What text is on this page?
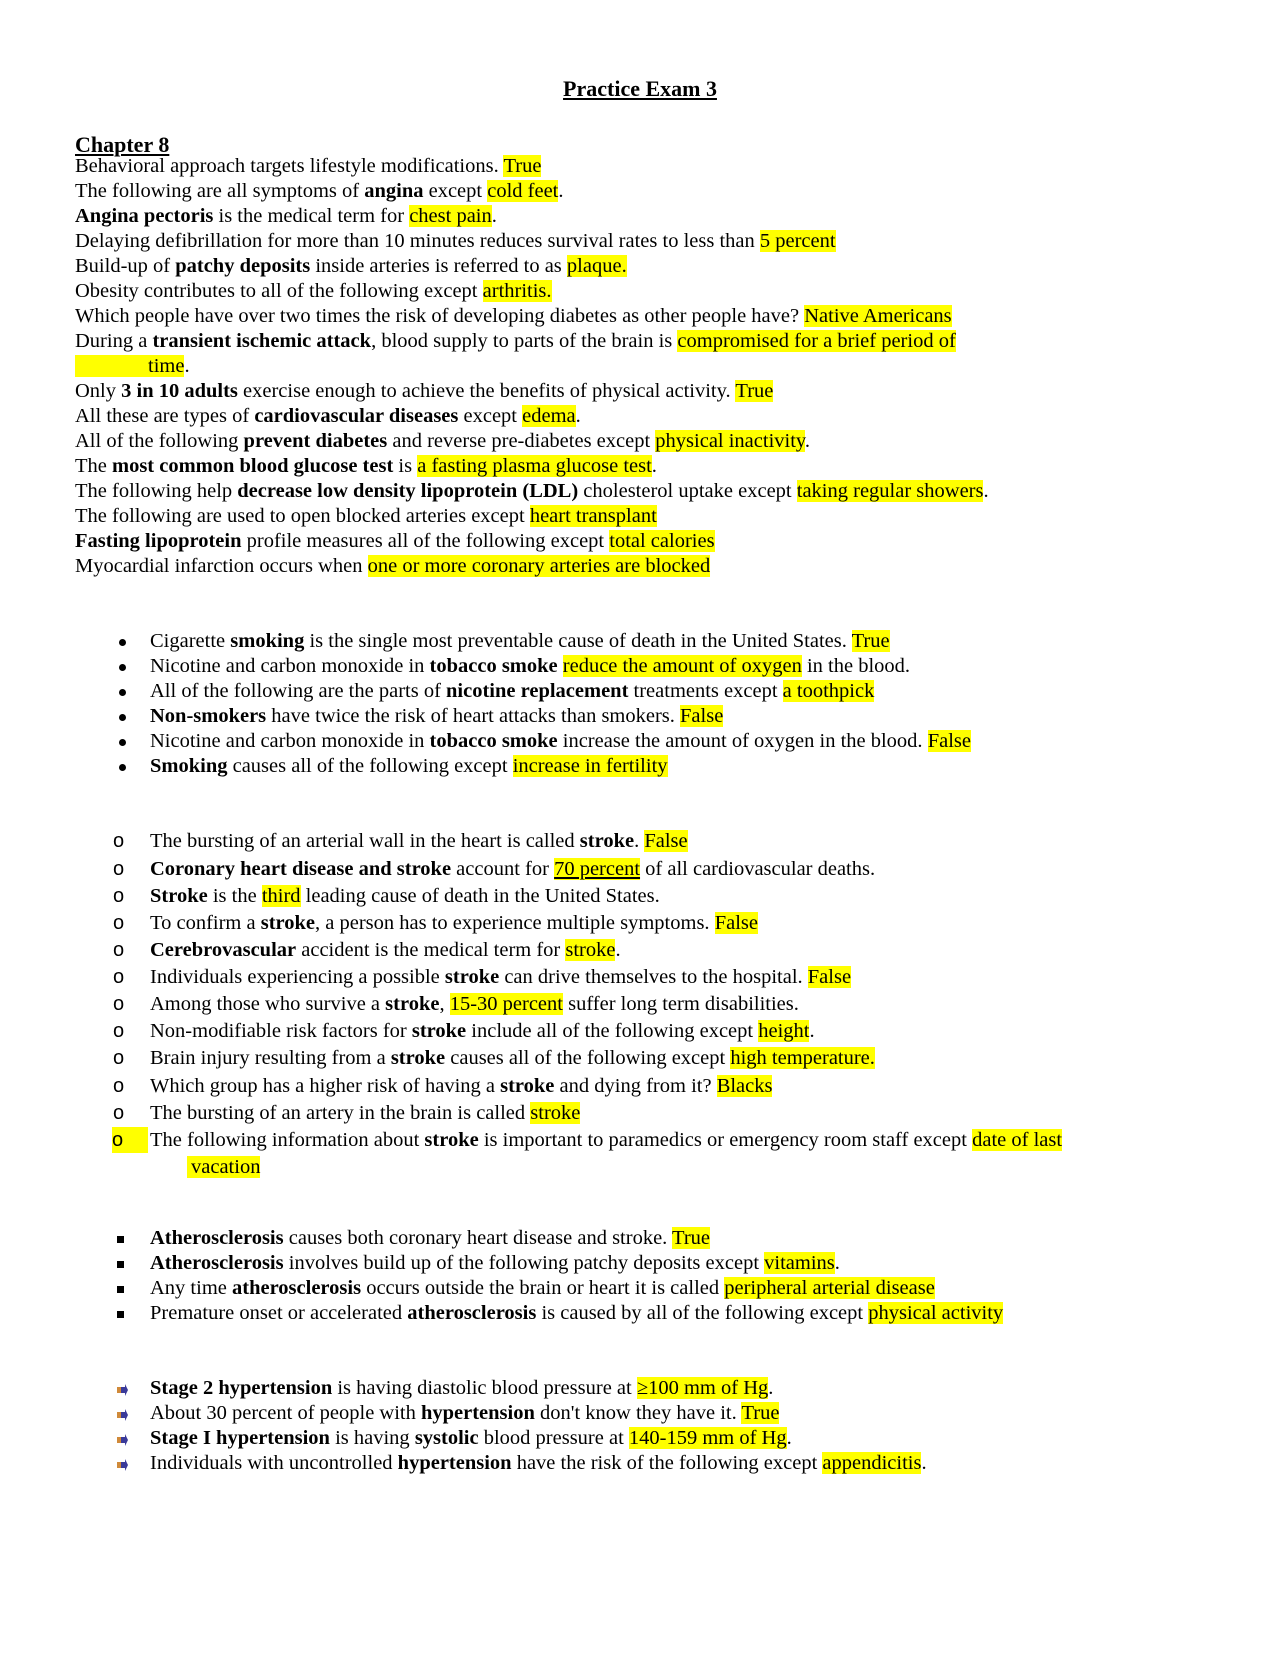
Practice Exam 3
Chapter 8
Behavioral approach targets lifestyle modifications. True
The following are all symptoms of angina except cold feet.
Angina pectoris is the medical term for chest pain.
Delaying defibrillation for more than 10 minutes reduces survival rates to less than 5 percent
Build-up of patchy deposits inside arteries is referred to as plaque.
Obesity contributes to all of the following except arthritis.
Which people have over two times the risk of developing diabetes as other people have? Native Americans
During a transient ischemic attack, blood supply to parts of the brain is compromised for a brief period of
time.
Only 3 in 10 adults exercise enough to achieve the benefits of physical activity. True
All these are types of cardiovascular diseases except edema.
All of the following prevent diabetes and reverse pre-diabetes except physical inactivity.
The most common blood glucose test is a fasting plasma glucose test.
The following help decrease low density lipoprotein (LDL) cholesterol uptake except taking regular showers.
The following are used to open blocked arteries except heart transplant
Fasting lipoprotein profile measures all of the following except total calories
Myocardial infarction occurs when one or more coronary arteries are blocked
Cigarette smoking is the single most preventable cause of death in the United States. True
Nicotine and carbon monoxide in tobacco smoke reduce the amount of oxygen in the blood.
All of the following are the parts of nicotine replacement treatments except a toothpick
Non-smokers have twice the risk of heart attacks than smokers. False
Nicotine and carbon monoxide in tobacco smoke increase the amount of oxygen in the blood. False
Smoking causes all of the following except increase in fertility
o The bursting of an arterial wall in the heart is called stroke. False
o Coronary heart disease and stroke account for 70 percent of all cardiovascular deaths.
o Stroke is the third leading cause of death in the United States.
o To confirm a stroke, a person has to experience multiple symptoms. False
o Cerebrovascular accident is the medical term for stroke.
o Individuals experiencing a possible stroke can drive themselves to the hospital. False
o Among those who survive a stroke, 15-30 percent suffer long term disabilities.
o Non-modifiable risk factors for stroke include all of the following except height.
o Brain injury resulting from a stroke causes all of the following except high temperature.
o Which group has a higher risk of having a stroke and dying from it? Blacks
o The bursting of an artery in the brain is called stroke
o	The following information about stroke is important to paramedics or emergency room staff except date of last
vacation
Atherosclerosis causes both coronary heart disease and stroke. True
Atherosclerosis involves build up of the following patchy deposits except vitamins.
Any time atherosclerosis occurs outside the brain or heart it is called peripheral arterial disease
Premature onset or accelerated atherosclerosis is caused by all of the following except physical activity
Stage 2 hypertension is having diastolic blood pressure at ≥100 mm of Hg.
About 30 percent of people with hypertension don't know they have it. True
Stage I hypertension is having systolic blood pressure at 140-159 mm of Hg.
Individuals with uncontrolled hypertension have the risk of the following except appendicitis.
